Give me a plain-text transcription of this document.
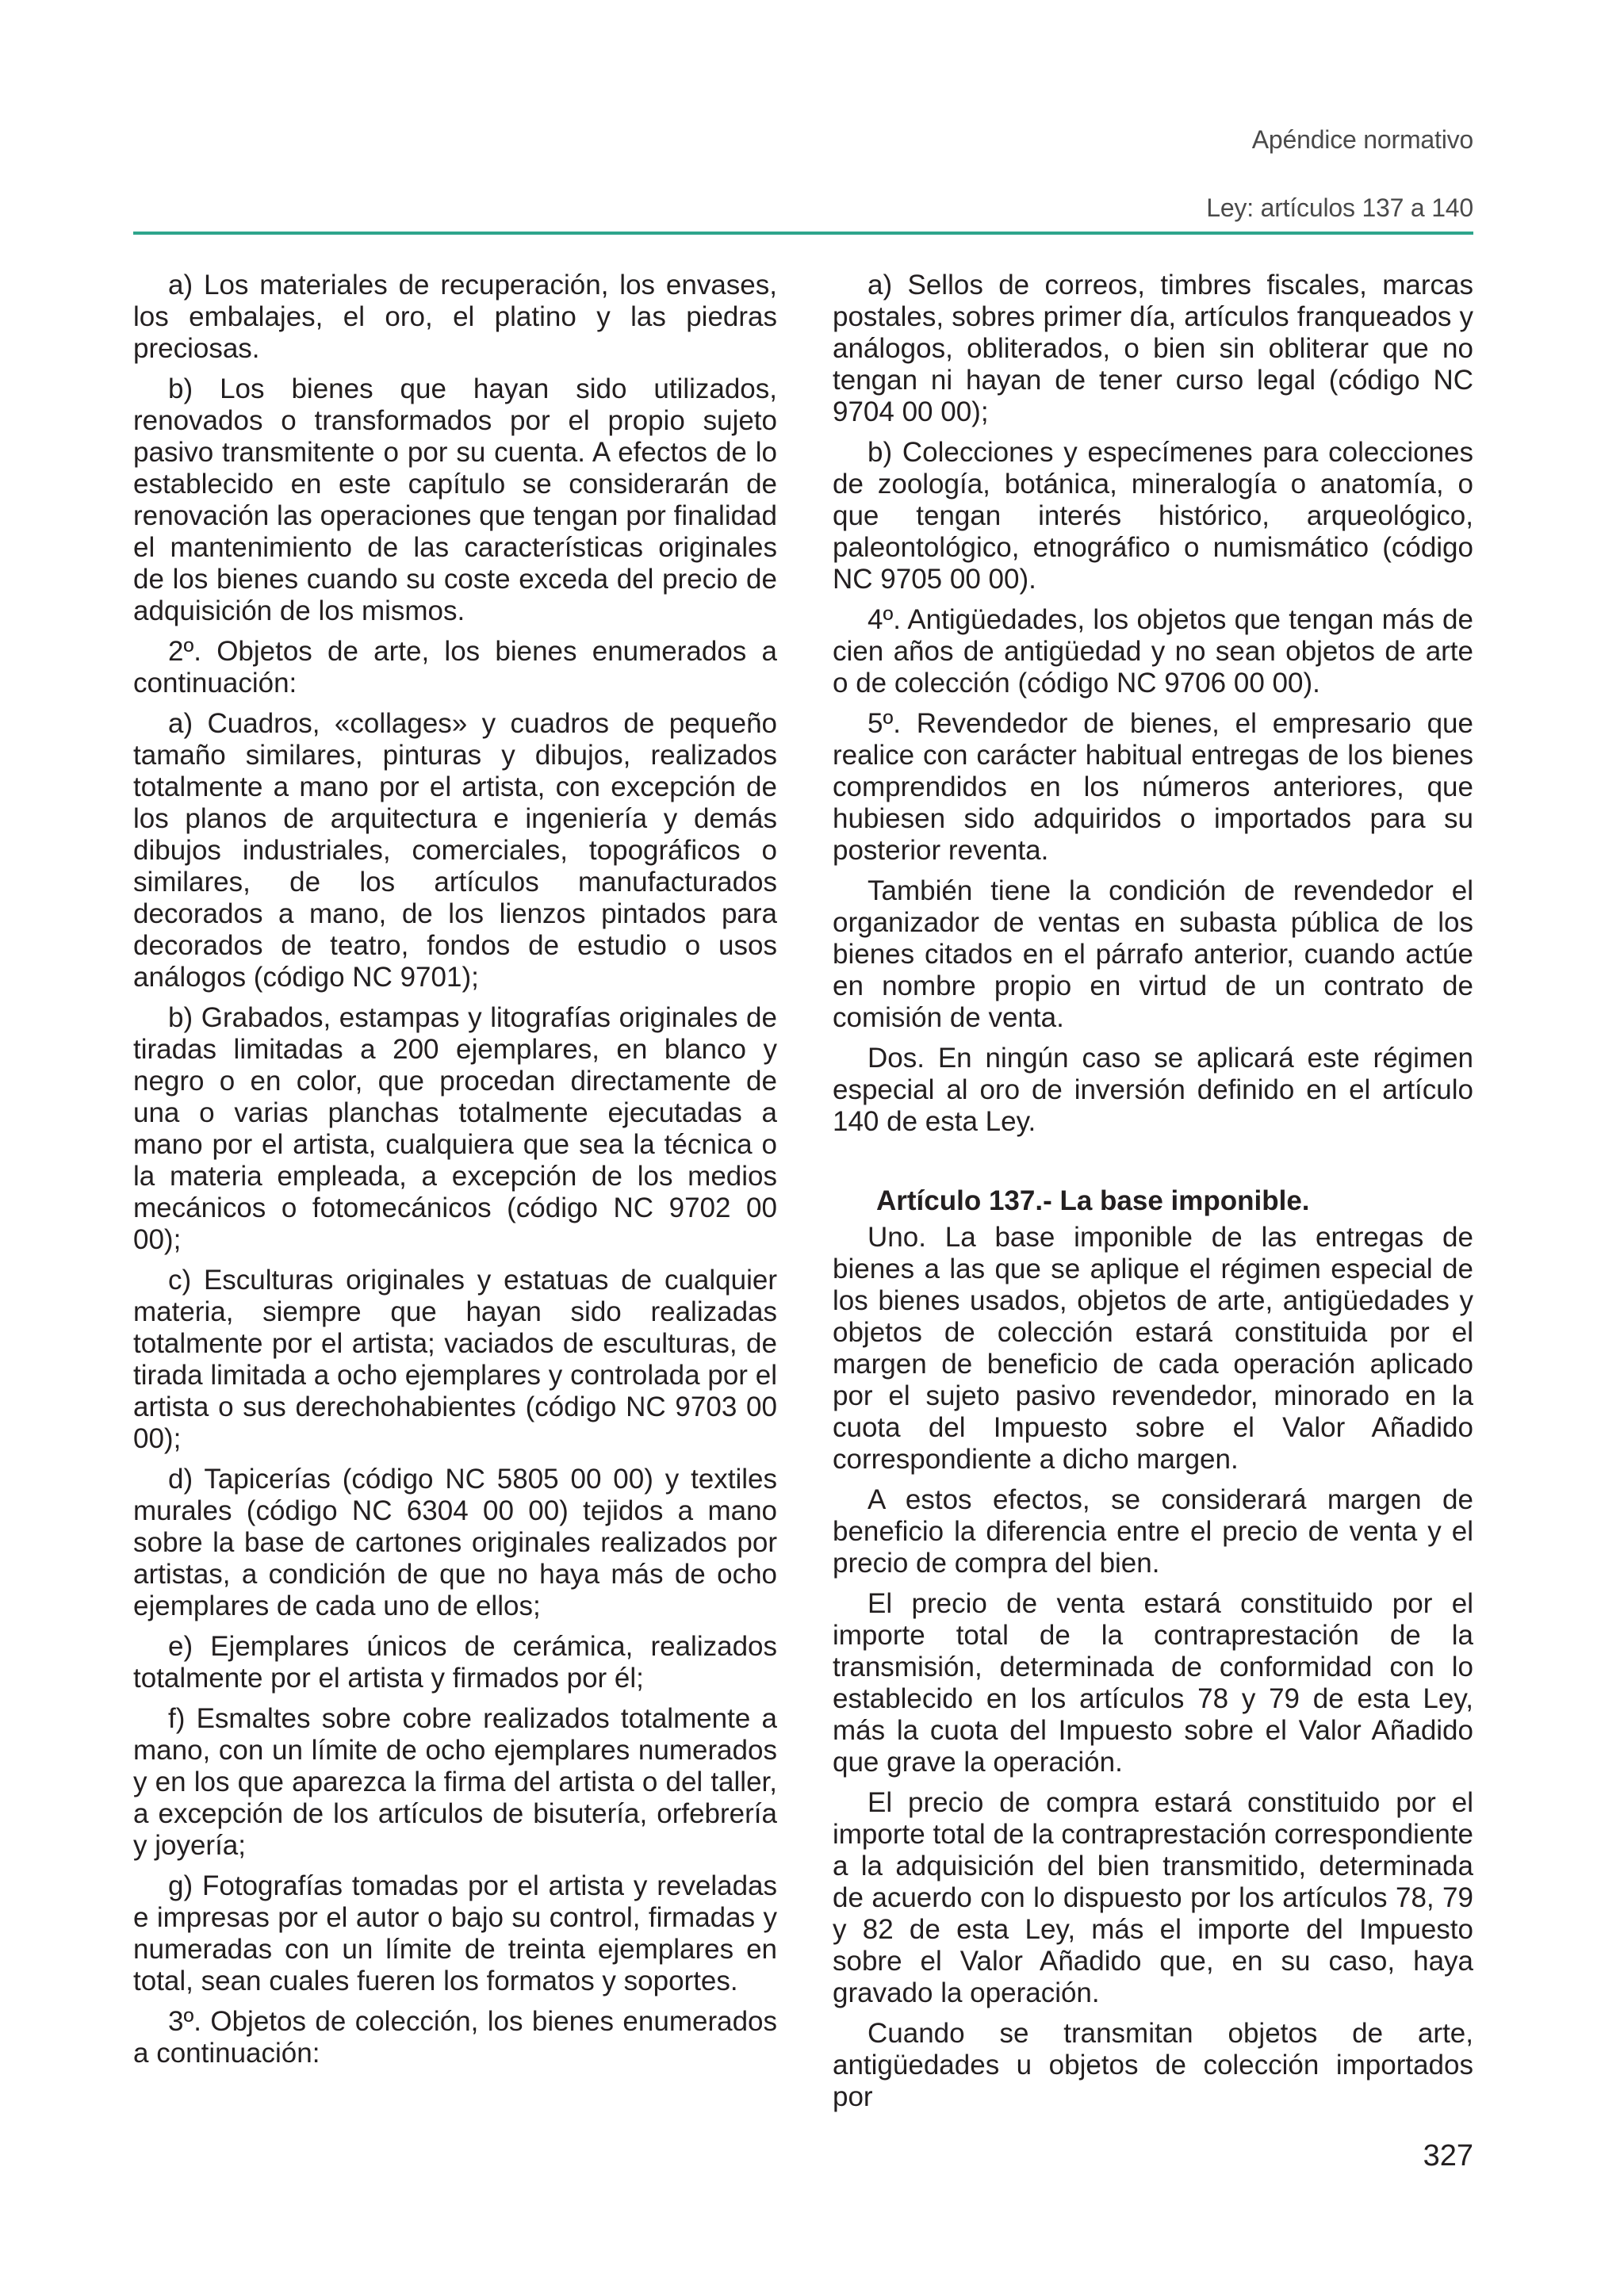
Apéndice normativo
Ley: artículos 137 a 140

a) Los materiales de recuperación, los envases, los embalajes, el oro, el platino y las piedras preciosas.

b) Los bienes que hayan sido utilizados, renovados o transformados por el propio sujeto pasivo transmitente o por su cuenta. A efectos de lo establecido en este capítulo se considerarán de renovación las operaciones que tengan por finalidad el mantenimiento de las características originales de los bienes cuando su coste exceda del precio de adquisición de los mismos.

2º. Objetos de arte, los bienes enumerados a continuación:

a) Cuadros, «collages» y cuadros de pequeño tamaño similares, pinturas y dibujos, realizados totalmente a mano por el artista, con excepción de los planos de arquitectura e ingeniería y demás dibujos industriales, comerciales, topográficos o similares, de los artículos manufacturados decorados a mano, de los lienzos pintados para decorados de teatro, fondos de estudio o usos análogos (código NC 9701);

b) Grabados, estampas y litografías originales de tiradas limitadas a 200 ejemplares, en blanco y negro o en color, que procedan directamente de una o varias planchas totalmente ejecutadas a mano por el artista, cualquiera que sea la técnica o la materia empleada, a excepción de los medios mecánicos o fotomecánicos (código NC 9702 00 00);

c) Esculturas originales y estatuas de cualquier materia, siempre que hayan sido realizadas totalmente por el artista; vaciados de esculturas, de tirada limitada a ocho ejemplares y controlada por el artista o sus derechohabientes (código NC 9703 00 00);

d) Tapicerías (código NC 5805 00 00) y textiles murales (código NC 6304 00 00) tejidos a mano sobre la base de cartones originales realizados por artistas, a condición de que no haya más de ocho ejemplares de cada uno de ellos;

e) Ejemplares únicos de cerámica, realizados totalmente por el artista y firmados por él;

f) Esmaltes sobre cobre realizados totalmente a mano, con un límite de ocho ejemplares numerados y en los que aparezca la firma del artista o del taller, a excepción de los artículos de bisutería, orfebrería y joyería;

g) Fotografías tomadas por el artista y reveladas e impresas por el autor o bajo su control, firmadas y numeradas con un límite de treinta ejemplares en total, sean cuales fueren los formatos y soportes.

3º. Objetos de colección, los bienes enumerados a continuación:

a) Sellos de correos, timbres fiscales, marcas postales, sobres primer día, artículos franqueados y análogos, obliterados, o bien sin obliterar que no tengan ni hayan de tener curso legal (código NC 9704 00 00);

b) Colecciones y especímenes para colecciones de zoología, botánica, mineralogía o anatomía, o que tengan interés histórico, arqueológico, paleontológico, etnográfico o numismático (código NC 9705 00 00).

4º. Antigüedades, los objetos que tengan más de cien años de antigüedad y no sean objetos de arte o de colección (código NC 9706 00 00).

5º. Revendedor de bienes, el empresario que realice con carácter habitual entregas de los bienes comprendidos en los números anteriores, que hubiesen sido adquiridos o importados para su posterior reventa.

También tiene la condición de revendedor el organizador de ventas en subasta pública de los bienes citados en el párrafo anterior, cuando actúe en nombre propio en virtud de un contrato de comisión de venta.

Dos. En ningún caso se aplicará este régimen especial al oro de inversión definido en el artículo 140 de esta Ley.

Artículo 137.- La base imponible.

Uno. La base imponible de las entregas de bienes a las que se aplique el régimen especial de los bienes usados, objetos de arte, antigüedades y objetos de colección estará constituida por el margen de beneficio de cada operación aplicado por el sujeto pasivo revendedor, minorado en la cuota del Impuesto sobre el Valor Añadido correspondiente a dicho margen.

A estos efectos, se considerará margen de beneficio la diferencia entre el precio de venta y el precio de compra del bien.

El precio de venta estará constituido por el importe total de la contraprestación de la transmisión, determinada de conformidad con lo establecido en los artículos 78 y 79 de esta Ley, más la cuota del Impuesto sobre el Valor Añadido que grave la operación.

El precio de compra estará constituido por el importe total de la contraprestación correspondiente a la adquisición del bien transmitido, determinada de acuerdo con lo dispuesto por los artículos 78, 79 y 82 de esta Ley, más el importe del Impuesto sobre el Valor Añadido que, en su caso, haya gravado la operación.

Cuando se transmitan objetos de arte, antigüedades u objetos de colección importados por

327
